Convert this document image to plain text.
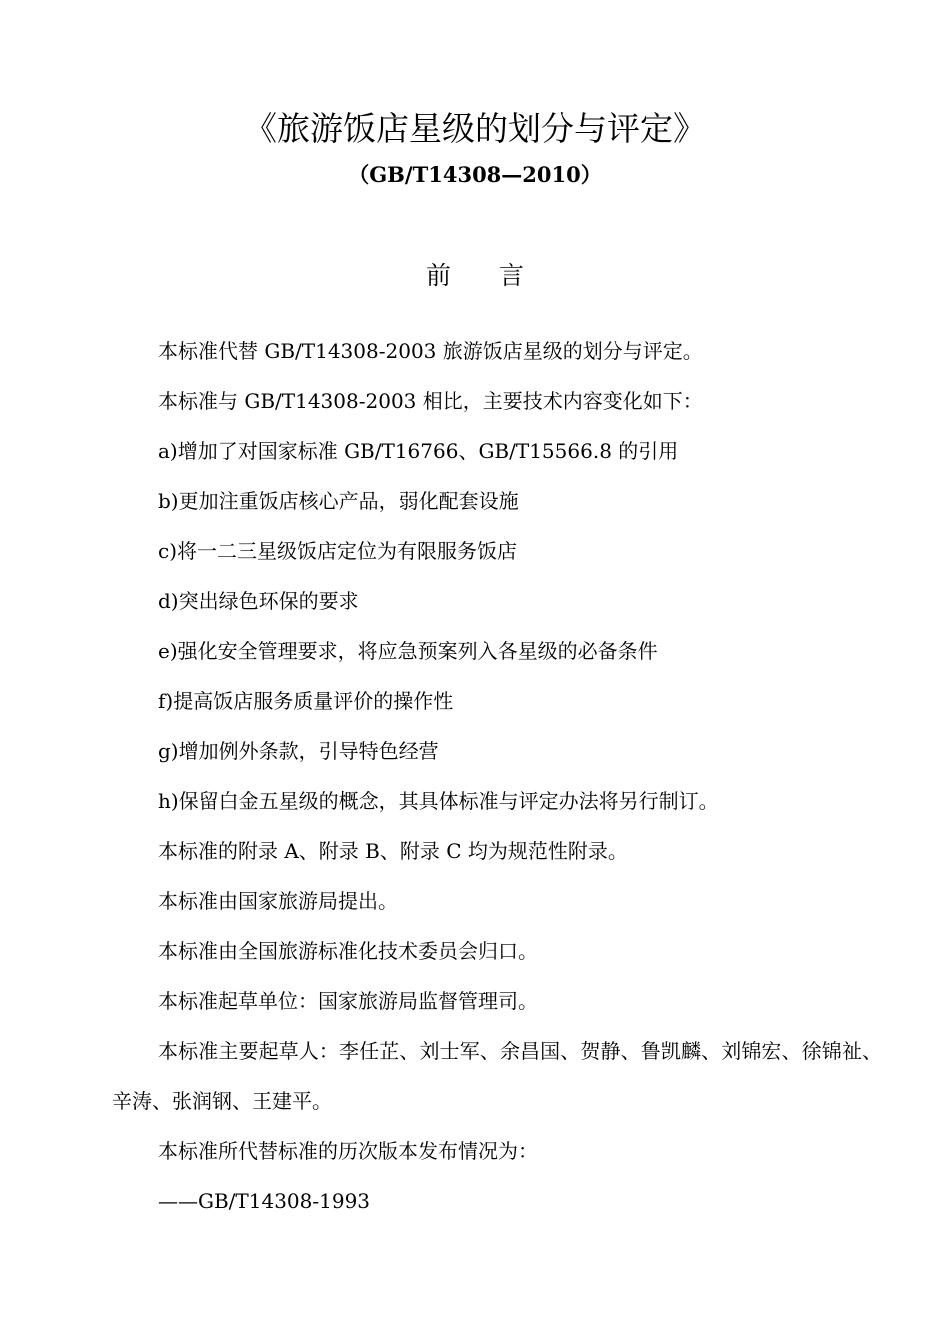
《旅游饭店星级的划分与评定》
（GB/T14308—2010）
前言

本标准代替 GB/T14308-2003 旅游饭店星级的划分与评定。

本标准与 GB/T14308-2003 相比，主要技术内容变化如下：

a)增加了对国家标准 GB/T16766、GB/T15566.8 的引用

b)更加注重饭店核心产品，弱化配套设施

c)将一二三星级饭店定位为有限服务饭店

d)突出绿色环保的要求

e)强化安全管理要求，将应急预案列入各星级的必备条件

f)提高饭店服务质量评价的操作性

g)增加例外条款，引导特色经营

h)保留白金五星级的概念，其具体标准与评定办法将另行制订。

本标准的附录 A、附录 B、附录 C 均为规范性附录。

本标准由国家旅游局提出。

本标准由全国旅游标准化技术委员会归口。

本标准起草单位：国家旅游局监督管理司。

本标准主要起草人：李任芷、刘士军、余昌国、贺静、鲁凯麟、刘锦宏、徐锦祉、辛涛、张润钢、王建平。

本标准所代替标准的历次版本发布情况为：

——GB/T14308-1993
